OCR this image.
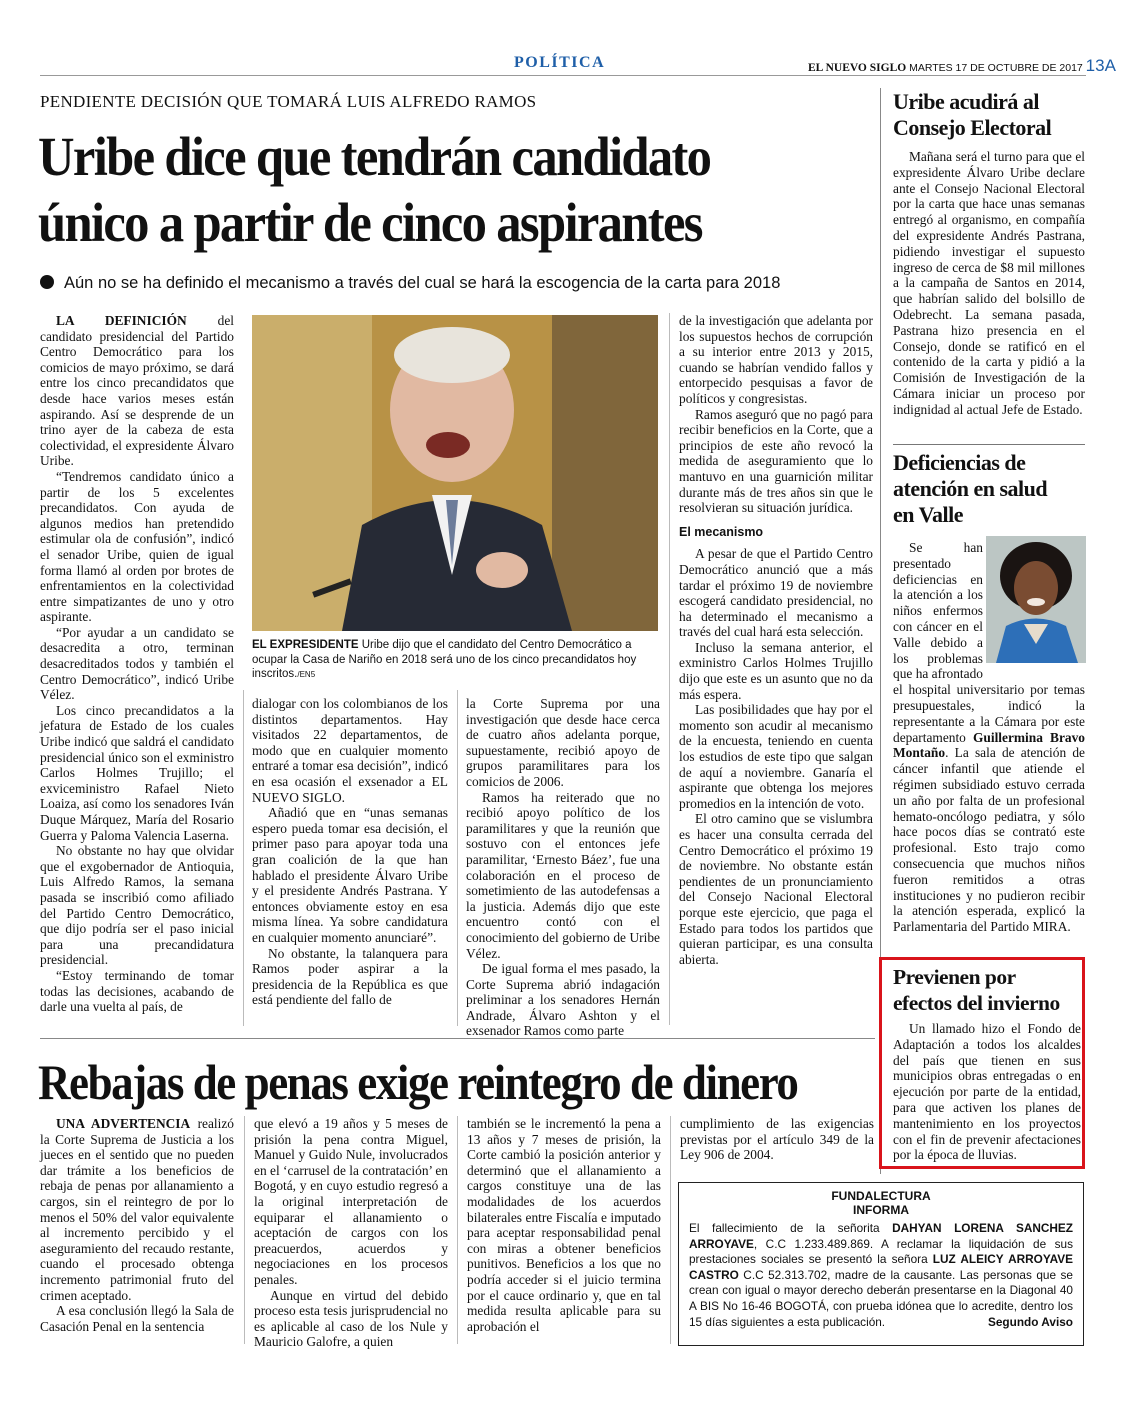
POLÍTICA	EL NUEVO SIGLO MARTES 17 DE OCTUBRE DE 2017 13A
PENDIENTE DECISIÓN QUE TOMARÁ LUIS ALFREDO RAMOS
Uribe dice que tendrán candidato único a partir de cinco aspirantes
Aún no se ha definido el mecanismo a través del cual se hará la escogencia de la carta para 2018
EL EXPRESIDENTE Uribe dijo que el candidato del Centro Democrático a ocupar la Casa de Nariño en 2018 será uno de los cinco precandidatos hoy inscritos./EN5

LA DEFINICIÓN del candidato presidencial del Partido Centro Democrático para los comicios de mayo próximo, se dará entre los cinco precandidatos que desde hace varios meses están aspirando. Así se desprende de un trino ayer de la cabeza de esta colectividad, el expresidente Álvaro Uribe.

“Tendremos candidato único a partir de los 5 excelentes precandidatos. Con ayuda de algunos medios han pretendido estimular ola de confusión”, indicó el senador Uribe, quien de igual forma llamó al orden por brotes de enfrentamientos en la colectividad entre simpatizantes de uno y otro aspirante.

“Por ayudar a un candidato se desacredita a otro, terminan desacreditados todos y también el Centro Democrático”, indicó Uribe Vélez.

Los cinco precandidatos a la jefatura de Estado de los cuales Uribe indicó que saldrá el candidato presidencial único son el exministro Carlos Holmes Trujillo; el exviceministro Rafael Nieto Loaiza, así como los senadores Iván Duque Márquez, María del Rosario Guerra y Paloma Valencia Laserna.

No obstante no hay que olvidar que el exgobernador de Antioquia, Luis Alfredo Ramos, la semana pasada se inscribió como afiliado del Partido Centro Democrático, que dijo podría ser el paso inicial para una precandidatura presidencial.

“Estoy terminando de tomar todas las decisiones, acabando de darle una vuelta al país, de

dialogar con los colombianos de los distintos departamentos. Hay visitados 22 departamentos, de modo que en cualquier momento entraré a tomar esa decisión”, indicó en esa ocasión el exsenador a EL NUEVO SIGLO.

Añadió que en “unas semanas espero pueda tomar esa decisión, el primer paso para apoyar toda una gran coalición de la que han hablado el presidente Álvaro Uribe y el presidente Andrés Pastrana. Y entonces obviamente estoy en esa misma línea. Ya sobre candidatura en cualquier momento anunciaré”.

No obstante, la talanquera para Ramos poder aspirar a la presidencia de la República es que está pendiente del fallo de

la Corte Suprema por una investigación que desde hace cerca de cuatro años adelanta porque, supuestamente, recibió apoyo de grupos paramilitares para los comicios de 2006.

Ramos ha reiterado que no recibió apoyo político de los paramilitares y que la reunión que sostuvo con el entonces jefe paramilitar, ‘Ernesto Báez’, fue una colaboración en el proceso de sometimiento de las autodefensas a la justicia. Además dijo que este encuentro contó con el conocimiento del gobierno de Uribe Vélez.

De igual forma el mes pasado, la Corte Suprema abrió indagación preliminar a los senadores Hernán Andrade, Álvaro Ashton y el exsenador Ramos como parte

de la investigación que adelanta por los supuestos hechos de corrupción a su interior entre 2013 y 2015, cuando se habrían vendido fallos y entorpecido pesquisas a favor de políticos y congresistas.

Ramos aseguró que no pagó para recibir beneficios en la Corte, que a principios de este año revocó la medida de aseguramiento que lo mantuvo en una guarnición militar durante más de tres años sin que le resolvieran su situación jurídica.

El mecanismo

A pesar de que el Partido Centro Democrático anunció que a más tardar el próximo 19 de noviembre escogerá candidato presidencial, no ha determinado el mecanismo a través del cual hará esta selección.

Incluso la semana anterior, el exministro Carlos Holmes Trujillo dijo que este es un asunto que no da más espera.

Las posibilidades que hay por el momento son acudir al mecanismo de la encuesta, teniendo en cuenta los estudios de este tipo que salgan de aquí a noviembre. Ganaría el aspirante que obtenga los mejores promedios en la intención de voto.

El otro camino que se vislumbra es hacer una consulta cerrada del Centro Democrático el próximo 19 de noviembre. No obstante están pendientes de un pronunciamiento del Consejo Nacional Electoral porque este ejercicio, que paga el Estado para todos los partidos que quieran participar, es una consulta abierta.

Uribe acudirá al Consejo Electoral

Mañana será el turno para que el expresidente Álvaro Uribe declare ante el Consejo Nacional Electoral por la carta que hace unas semanas entregó al organismo, en compañía del expresidente Andrés Pastrana, pidiendo investigar el supuesto ingreso de cerca de $8 mil millones a la campaña de Santos en 2014, que habrían salido del bolsillo de Odebrecht. La semana pasada, Pastrana hizo presencia en el Consejo, donde se ratificó en el contenido de la carta y pidió a la Comisión de Investigación de la Cámara iniciar un proceso por indignidad al actual Jefe de Estado.

Deficiencias de atención en salud en Valle

Se han presentado deficiencias en la atención a los niños enfermos con cáncer en el Valle debido a los problemas que ha afrontado el hospital universitario por temas presupuestales, indicó la representante a la Cámara por este departamento Guillermina Bravo Montaño. La sala de atención de cáncer infantil que atiende el régimen subsidiado estuvo cerrada un año por falta de un profesional hemato-oncólogo pediatra, y sólo hace pocos días se contrató este profesional. Esto trajo como consecuencia que muchos niños fueron remitidos a otras instituciones y no pudieron recibir la atención esperada, explicó la Parlamentaria del Partido MIRA.

Previenen por efectos del invierno

Un llamado hizo el Fondo de Adaptación a todos los alcaldes del país que tienen en sus municipios obras entregadas o en ejecución por parte de la entidad, para que activen los planes de mantenimiento en los proyectos con el fin de prevenir afectaciones por la época de lluvias.

Rebajas de penas exige reintegro de dinero

UNA ADVERTENCIA realizó la Corte Suprema de Justicia a los jueces en el sentido que no pueden dar trámite a los beneficios de rebaja de penas por allanamiento a cargos, sin el reintegro de por lo menos el 50% del valor equivalente al incremento percibido y el aseguramiento del recaudo restante, cuando el procesado obtenga incremento patrimonial fruto del crimen aceptado.

A esa conclusión llegó la Sala de Casación Penal en la sentencia

que elevó a 19 años y 5 meses de prisión la pena contra Miguel, Manuel y Guido Nule, involucrados en el ‘carrusel de la contratación’ en Bogotá, y en cuyo estudio regresó a la original interpretación de equiparar el allanamiento o aceptación de cargos con los preacuerdos, acuerdos y negociaciones en los procesos penales.

Aunque en virtud del debido proceso esta tesis jurisprudencial no es aplicable al caso de los Nule y Mauricio Galofre, a quien

también se le incrementó la pena a 13 años y 7 meses de prisión, la Corte cambió la posición anterior y determinó que el allanamiento a cargos constituye una de las modalidades de los acuerdos bilaterales entre Fiscalía e imputado para aceptar responsabilidad penal con miras a obtener beneficios punitivos. Beneficios a los que no podría acceder si el juicio termina por el cauce ordinario y, que en tal medida resulta aplicable para su aprobación el

cumplimiento de las exigencias previstas por el artículo 349 de la Ley 906 de 2004.

FUNDALECTURA
INFORMA
El fallecimiento de la señorita DAHYAN LORENA SANCHEZ ARROYAVE, C.C 1.233.489.869. A reclamar la liquidación de sus prestaciones sociales se presentó la señora LUZ ALEICY ARROYAVE CASTRO C.C 52.313.702, madre de la causante. Las personas que se crean con igual o mayor derecho deberán presentarse en la Diagonal 40 A BIS No 16-46 BOGOTÁ, con prueba idónea que lo acredite, dentro los 15 días siguientes a esta publicación.	Segundo Aviso
